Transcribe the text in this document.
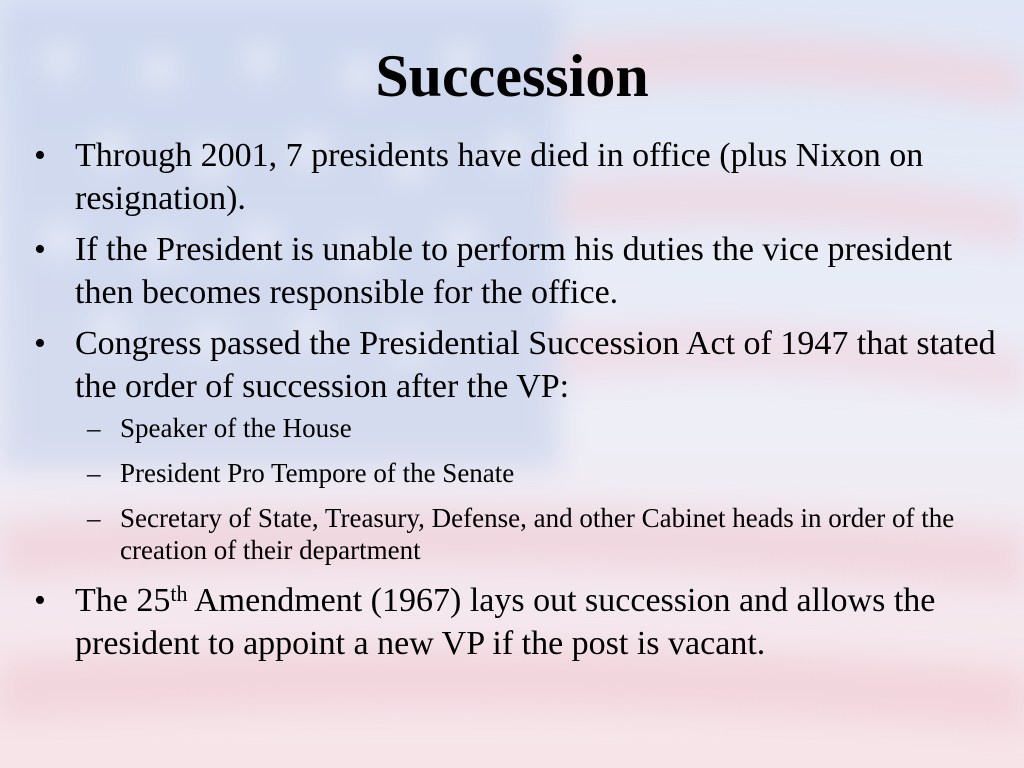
Succession
• Through 2001, 7 presidents have died in office (plus Nixon on resignation).
• If the President is unable to perform his duties the vice president then becomes responsible for the office.
• Congress passed the Presidential Succession Act of 1947 that stated the order of succession after the VP:
– Speaker of the House
– President Pro Tempore of the Senate
– Secretary of State, Treasury, Defense, and other Cabinet heads in order of the creation of their department
• The 25th Amendment (1967) lays out succession and allows the president to appoint a new VP if the post is vacant.
